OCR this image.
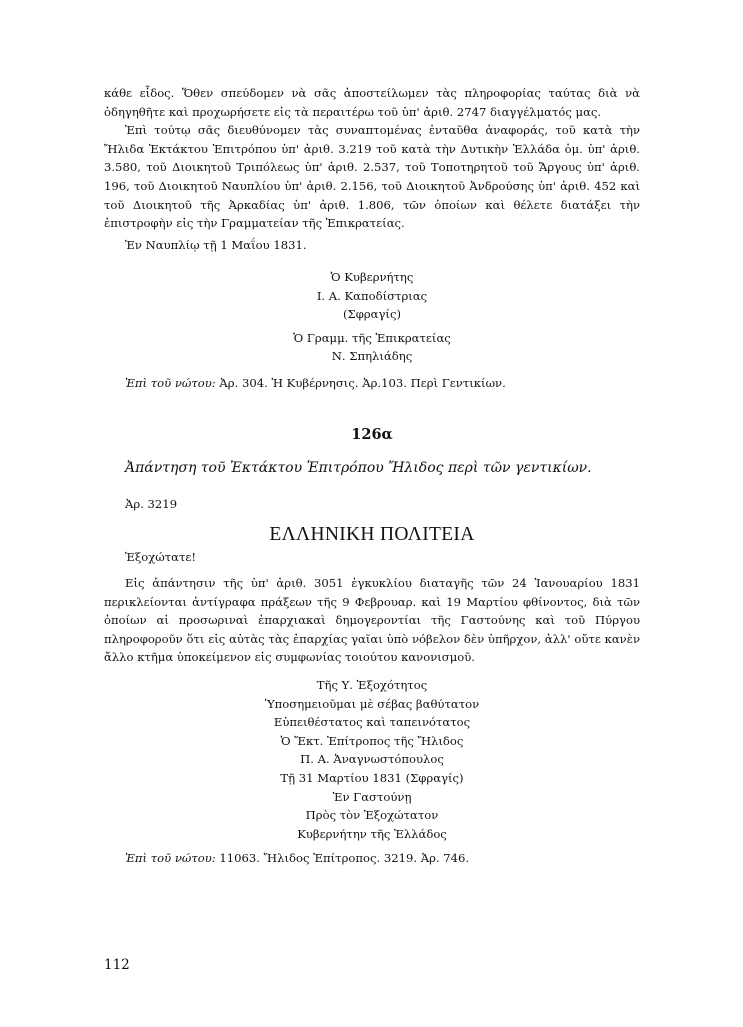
κάθε εἶδος. Ὅθεν σπεύδομεν νὰ σᾶς ἀποστείλωμεν τὰς πληροφορίας ταύτας διὰ νὰ ὁδηγηθῆτε καὶ προχωρήσετε εἰς τὰ περαιτέρω τοῦ ὑπ' ἀριθ. 2747 διαγγέλματός μας.

Ἐπὶ τούτῳ σᾶς διευθύνομεν τὰς συναπτομένας ἐνταῦθα ἀναφοράς, τοῦ κατὰ τὴν Ἤλιδα Ἐκτάκτου Ἐπιτρόπου ὑπ' ἀριθ. 3.219 τοῦ κατὰ τὴν Δυτικὴν Ἑλλάδα ὁμ. ὑπ' ἀριθ. 3.580, τοῦ Διοικητοῦ Τριπόλεως ὑπ' ἀριθ. 2.537, τοῦ Τοποτηρητοῦ τοῦ Ἄργους ὑπ' ἀριθ. 196, τοῦ Διοικητοῦ Ναυπλίου ὑπ' ἀριθ. 2.156, τοῦ Διοικητοῦ Ἀνδρούσης ὑπ' ἀριθ. 452 καὶ τοῦ Διοικητοῦ τῆς Ἀρκαδίας ὑπ' ἀριθ. 1.806, τῶν ὁποίων καὶ θέλετε διατάξει τὴν ἐπιστροφὴν εἰς τὴν Γραμματείαν τῆς Ἐπικρατείας.

Ἐν Ναυπλίῳ τῇ 1 Μαΐου 1831.

Ὁ Κυβερνήτης

Ι. Α. Καποδίστριας

(Σφραγίς)

Ὁ Γραμμ. τῆς Ἐπικρατείας

Ν. Σπηλιάδης

Ἐπὶ τοῦ νώτου: Ἀρ. 304. Ἡ Κυβέρνησις. Ἀρ.103. Περὶ Γεντικίων.

126α

Ἀπάντηση τοῦ Ἐκτάκτου Ἐπιτρόπου Ἤλιδος περὶ τῶν γεντικίων.

Ἀρ. 3219

ΕΛΛΗΝΙΚΗ ΠΟΛΙΤΕΙΑ

Ἐξοχώτατε!

Εἰς ἀπάντησιν τῆς ὑπ' ἀριθ. 3051 ἐγκυκλίου διαταγῆς τῶν 24 Ἰανουαρίου 1831 περικλείονται ἀντίγραφα πράξεων τῆς 9 Φεβρουαρ. καὶ 19 Μαρτίου φθίνοντος, διὰ τῶν ὁποίων αἱ προσωριναὶ ἐπαρχιακαὶ δημογεροντίαι τῆς Γαστούνης καὶ τοῦ Πύργου πληροφοροῦν ὅτι εἰς αὐτὰς τὰς ἐπαρχίας γαῖαι ὑπὸ νόβελον δὲν ὑπῆρχον, ἀλλ' οὔτε κανὲν ἄλλο κτῆμα ὑποκείμενον εἰς συμφωνίας τοιούτου κανονισμοῦ.

Τῆς Υ. Ἐξοχότητος

Ὑποσημειοῦμαι μὲ σέβας βαθύτατον

Εὐπειθέστατος καὶ ταπεινότατος

Ὁ Ἔκτ. Ἐπίτροπος τῆς Ἤλιδος

Π. Α. Ἀναγνωστόπουλος

Τῇ 31 Μαρτίου 1831 (Σφραγίς)

Ἐν Γαστούνῃ

Πρὸς τὸν Ἐξοχώτατον

Κυβερνήτην τῆς Ἑλλάδος

Ἐπὶ τοῦ νώτου: 11063. Ἤλιδος Ἐπίτροπος. 3219. Ἀρ. 746.

112
